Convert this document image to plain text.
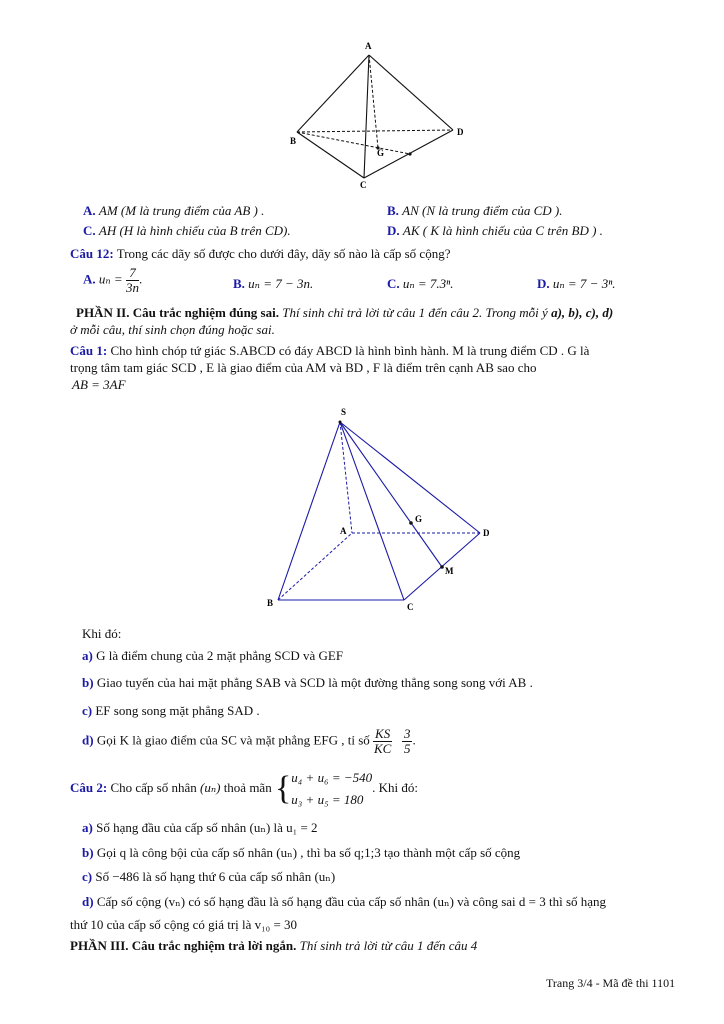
A
B
C
D
G
A. AM (M là trung điểm của AB ) .	B. AN (N là trung điểm của CD ).
C. AH (H là hình chiếu của B trên CD).	D. AK ( K là hình chiếu của C trên BD ) .
Câu 12: Trong các dãy số được cho dưới đây, dãy số nào là cấp số cộng?
A. $u_n = \frac{7}{3n}$ .	B. uₙ = 7 − 3n.	C. uₙ = 7.3ⁿ.	D. uₙ = 7 − 3ⁿ.
PHẦN II. Câu trắc nghiệm đúng sai. Thí sinh chỉ trả lời từ câu 1 đến câu 2. Trong mỗi ý a), b), c), d)
ở mỗi câu, thí sinh chọn đúng hoặc sai.
Câu 1: Cho hình chóp tứ giác S.ABCD có đáy ABCD là hình bình hành. M là trung điểm CD . G là
trọng tâm tam giác SCD , E là giao điểm của AM và BD , F là điểm trên cạnh AB sao cho
AB = 3AF
S
A
B	C
D
G
M
Khi đó:
a) G là điểm chung của 2 mặt phẳng SCD và GEF
b) Giao tuyến của hai mặt phẳng SAB và SCD là một đường thẳng song song với AB .
c) EF song song mặt phẳng SAD .
d) Gọi K là giao điểm của SC và mặt phẳng EFG , tỉ số $\frac{KS}{KC}$
$\frac{3}{5}$ .
Câu 2: Cho cấp số nhân (uₙ) thoả mãn { u₄ + u₆ = −540
u₃ + u₅ = 180
. Khi đó:
a) Số hạng đầu của cấp số nhân (uₙ) là u₁ = 2
b) Gọi q là công bội của cấp số nhân (uₙ) , thì ba số q;1;3 tạo thành một cấp số cộng
c) Số −486 là số hạng thứ 6 của cấp số nhân (uₙ)
d) Cấp số cộng (vₙ) có số hạng đầu là số hạng đầu của cấp số nhân (uₙ) và công sai d = 3 thì số hạng
thứ 10 của cấp số cộng có giá trị là v₁₀ = 30
PHẦN III. Câu trắc nghiệm trả lời ngắn. Thí sinh trả lời từ câu 1 đến câu 4
Trang 3/4 - Mã đề thi 1101
